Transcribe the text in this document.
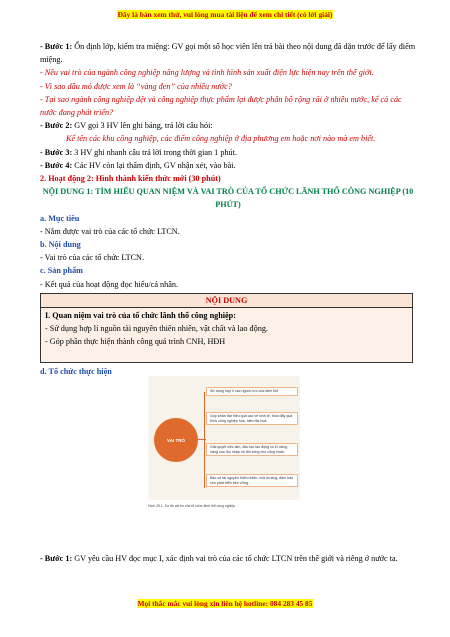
Đây là bản xem thử, vui lòng mua tài liệu để xem chi tiết (có lời giải)

- Bước 1: Ổn định lớp, kiểm tra miệng: GV gọi một số học viên lên trả bài theo nội dung đã dặn trước để lấy điểm miệng.

- Nêu vai trò của ngành công nghiệp năng lượng và tình hình sản xuất điện lực hiện nay trên thế giới.

- Vì sao dầu mỏ được xem là “vàng đen” của nhiều nước?

- Tại sao ngành công nghiệp dệt và công nghiệp thực phẩm lại được phân bố rộng rãi ở nhiều nước, kể cả các nước đang phát triển?

- Bước 2: GV gọi 3 HV lên ghi bảng, trả lời câu hỏi:

Kể tên các khu công nghiệp, các điểm công nghiệp ở địa phương em hoặc nơi nào mà em biết.

- Bước 3: 3 HV ghi nhanh câu trả lời trong thời gian 1 phút.

- Bước 4: Các HV còn lại thẩm định, GV nhận xét, vào bài.

2. Hoạt động 2: Hình thành kiến thức mới (30 phút)

NỘI DUNG 1: TÌM HIỂU QUAN NIỆM VÀ VAI TRÒ CỦA TỔ CHỨC LÃNH THỔ CÔNG NGHIỆP (10 PHÚT)

a. Mục tiêu

- Nắm được vai trò của các tổ chức LTCN.

b. Nội dung

- Vai trò của các tổ chức LTCN.

c. Sản phẩm

- Kết quả của hoạt động đọc hiểu/cá nhân.

NỘI DUNG

I. Quan niệm vai trò của tổ chức lãnh thổ công nghiệp:

- Sử dụng hợp lí nguồn tài nguyên thiên nhiên, vật chất và lao động.

- Góp phần thực hiện thành công quá trình CNH, HĐH

d. Tổ chức thực hiện

VAI TRÒ
Sử dụng hợp lí các nguồn lực của lãnh thổ
Góp phần đạt hiệu quả cao về kinh tế, thúc đẩy quá trình công nghiệp hoá, hiện đại hoá.
Giải quyết việc làm, đào tạo lao động có kĩ năng, nâng cao thu nhập và đời sống cho cộng nhân.
Bảo vệ tài nguyên thiên nhiên, môi trường, đảm bảo cho phát triển bền vững.
Hình 25.1. Sơ đồ vai trò của tổ chức lãnh thổ công nghiệp

- Bước 1: GV yêu cầu HV đọc mục I, xác định vai trò của các tổ chức LTCN trên thế giới và riêng ở nước ta.

Mọi thắc mắc vui lòng xin liên hệ hotline: 084 283 45 85
